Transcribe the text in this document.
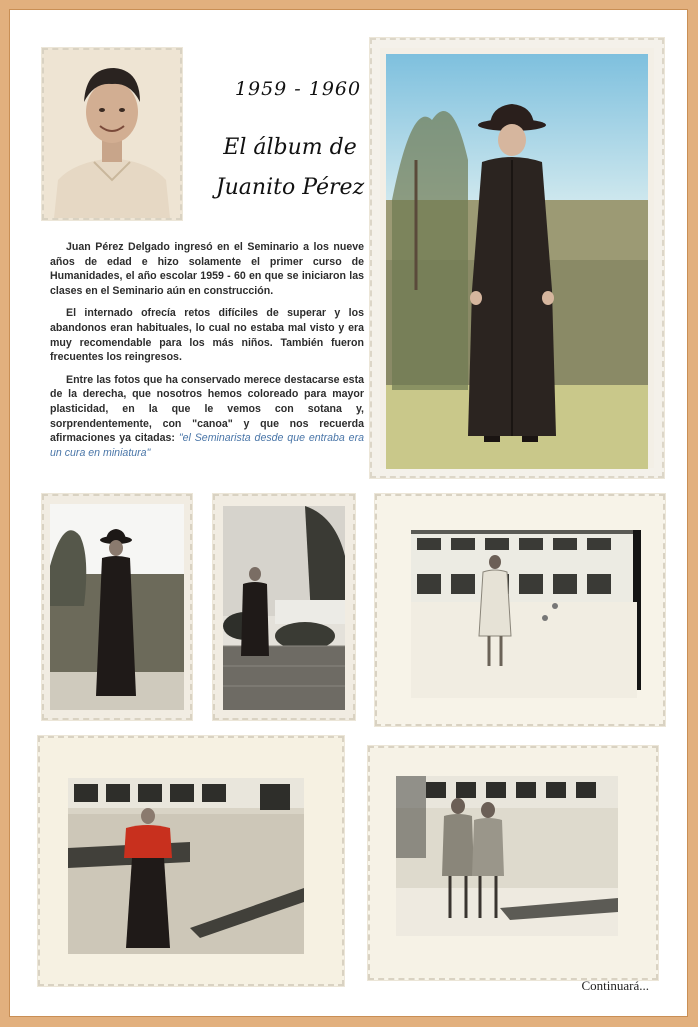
1959 - 1960
El álbum de
Juanito Pérez

Juan Pérez Delgado ingresó en el Seminario a los nueve años de edad e hizo solamente el primer curso de Humanidades, el año escolar 1959 - 60 en que se iniciaron las clases en el Seminario aún en construcción.

El internado ofrecía retos difíciles de superar y los abandonos eran habituales, lo cual no estaba mal visto y era muy recomendable para los más niños. También fueron frecuentes los reingresos.

Entre las fotos que ha conservado merece destacarse esta de la derecha, que nosotros hemos coloreado para mayor plasticidad, en la que le vemos con sotana y, sorprendentemente, con "canoa" y que nos recuerda afirmaciones ya citadas: "el Seminarista desde que entraba era un cura en miniatura"

Continuará...
